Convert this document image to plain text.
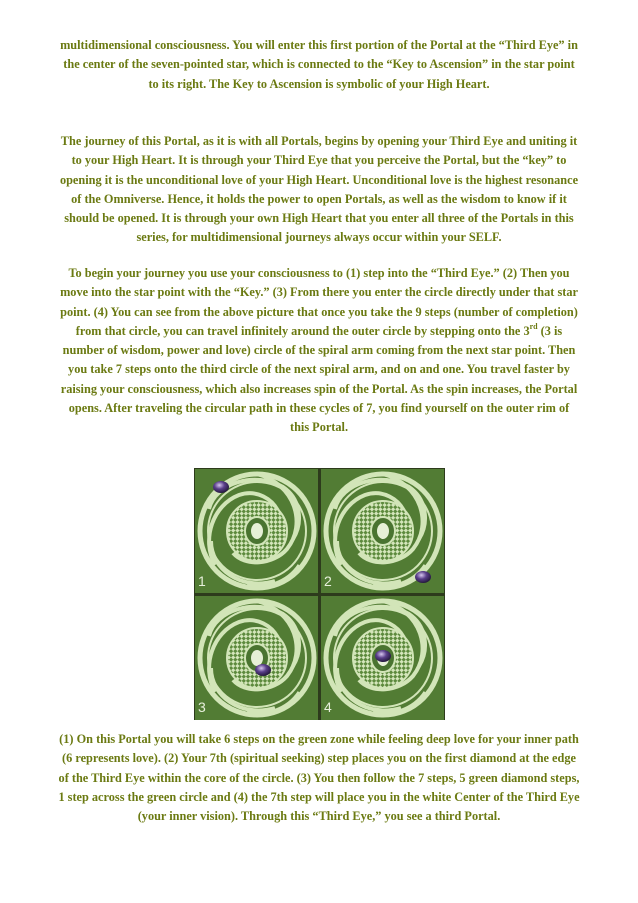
multidimensional consciousness. You will enter this first portion of the Portal at the “Third Eye” in the center of the seven-pointed star, which is connected to the “Key to Ascension” in the star point to its right. The Key to Ascension is symbolic of your High Heart.
The journey of this Portal, as it is with all Portals, begins by opening your Third Eye and uniting it to your High Heart. It is through your Third Eye that you perceive the Portal, but the “key” to opening it is the unconditional love of your High Heart. Unconditional love is the highest resonance of the Omniverse. Hence, it holds the power to open Portals, as well as the wisdom to know if it should be opened. It is through your own High Heart that you enter all three of the Portals in this series, for multidimensional journeys always occur within your SELF.
To begin your journey you use your consciousness to (1) step into the “Third Eye.” (2) Then you move into the star point with the “Key.” (3) From there you enter the circle directly under that star point. (4) You can see from the above picture that once you take the 9 steps (number of completion) from that circle, you can travel infinitely around the outer circle by stepping onto the 3rd (3 is number of wisdom, power and love) circle of the spiral arm coming from the next star point. Then you take 7 steps onto the third circle of the next spiral arm, and on and one. You travel faster by raising your consciousness, which also increases spin of the Portal. As the spin increases, the Portal opens. After traveling the circular path in these cycles of 7, you find yourself on the outer rim of this Portal.
1	2
3	4
(1) On this Portal you will take 6 steps on the green zone while feeling deep love for your inner path (6 represents love). (2) Your 7th (spiritual seeking) step places you on the first diamond at the edge of the Third Eye within the core of the circle. (3) You then follow the 7 steps, 5 green diamond steps, 1 step across the green circle and (4) the 7th step will place you in the white Center of the Third Eye (your inner vision). Through this “Third Eye,” you see a third Portal.
